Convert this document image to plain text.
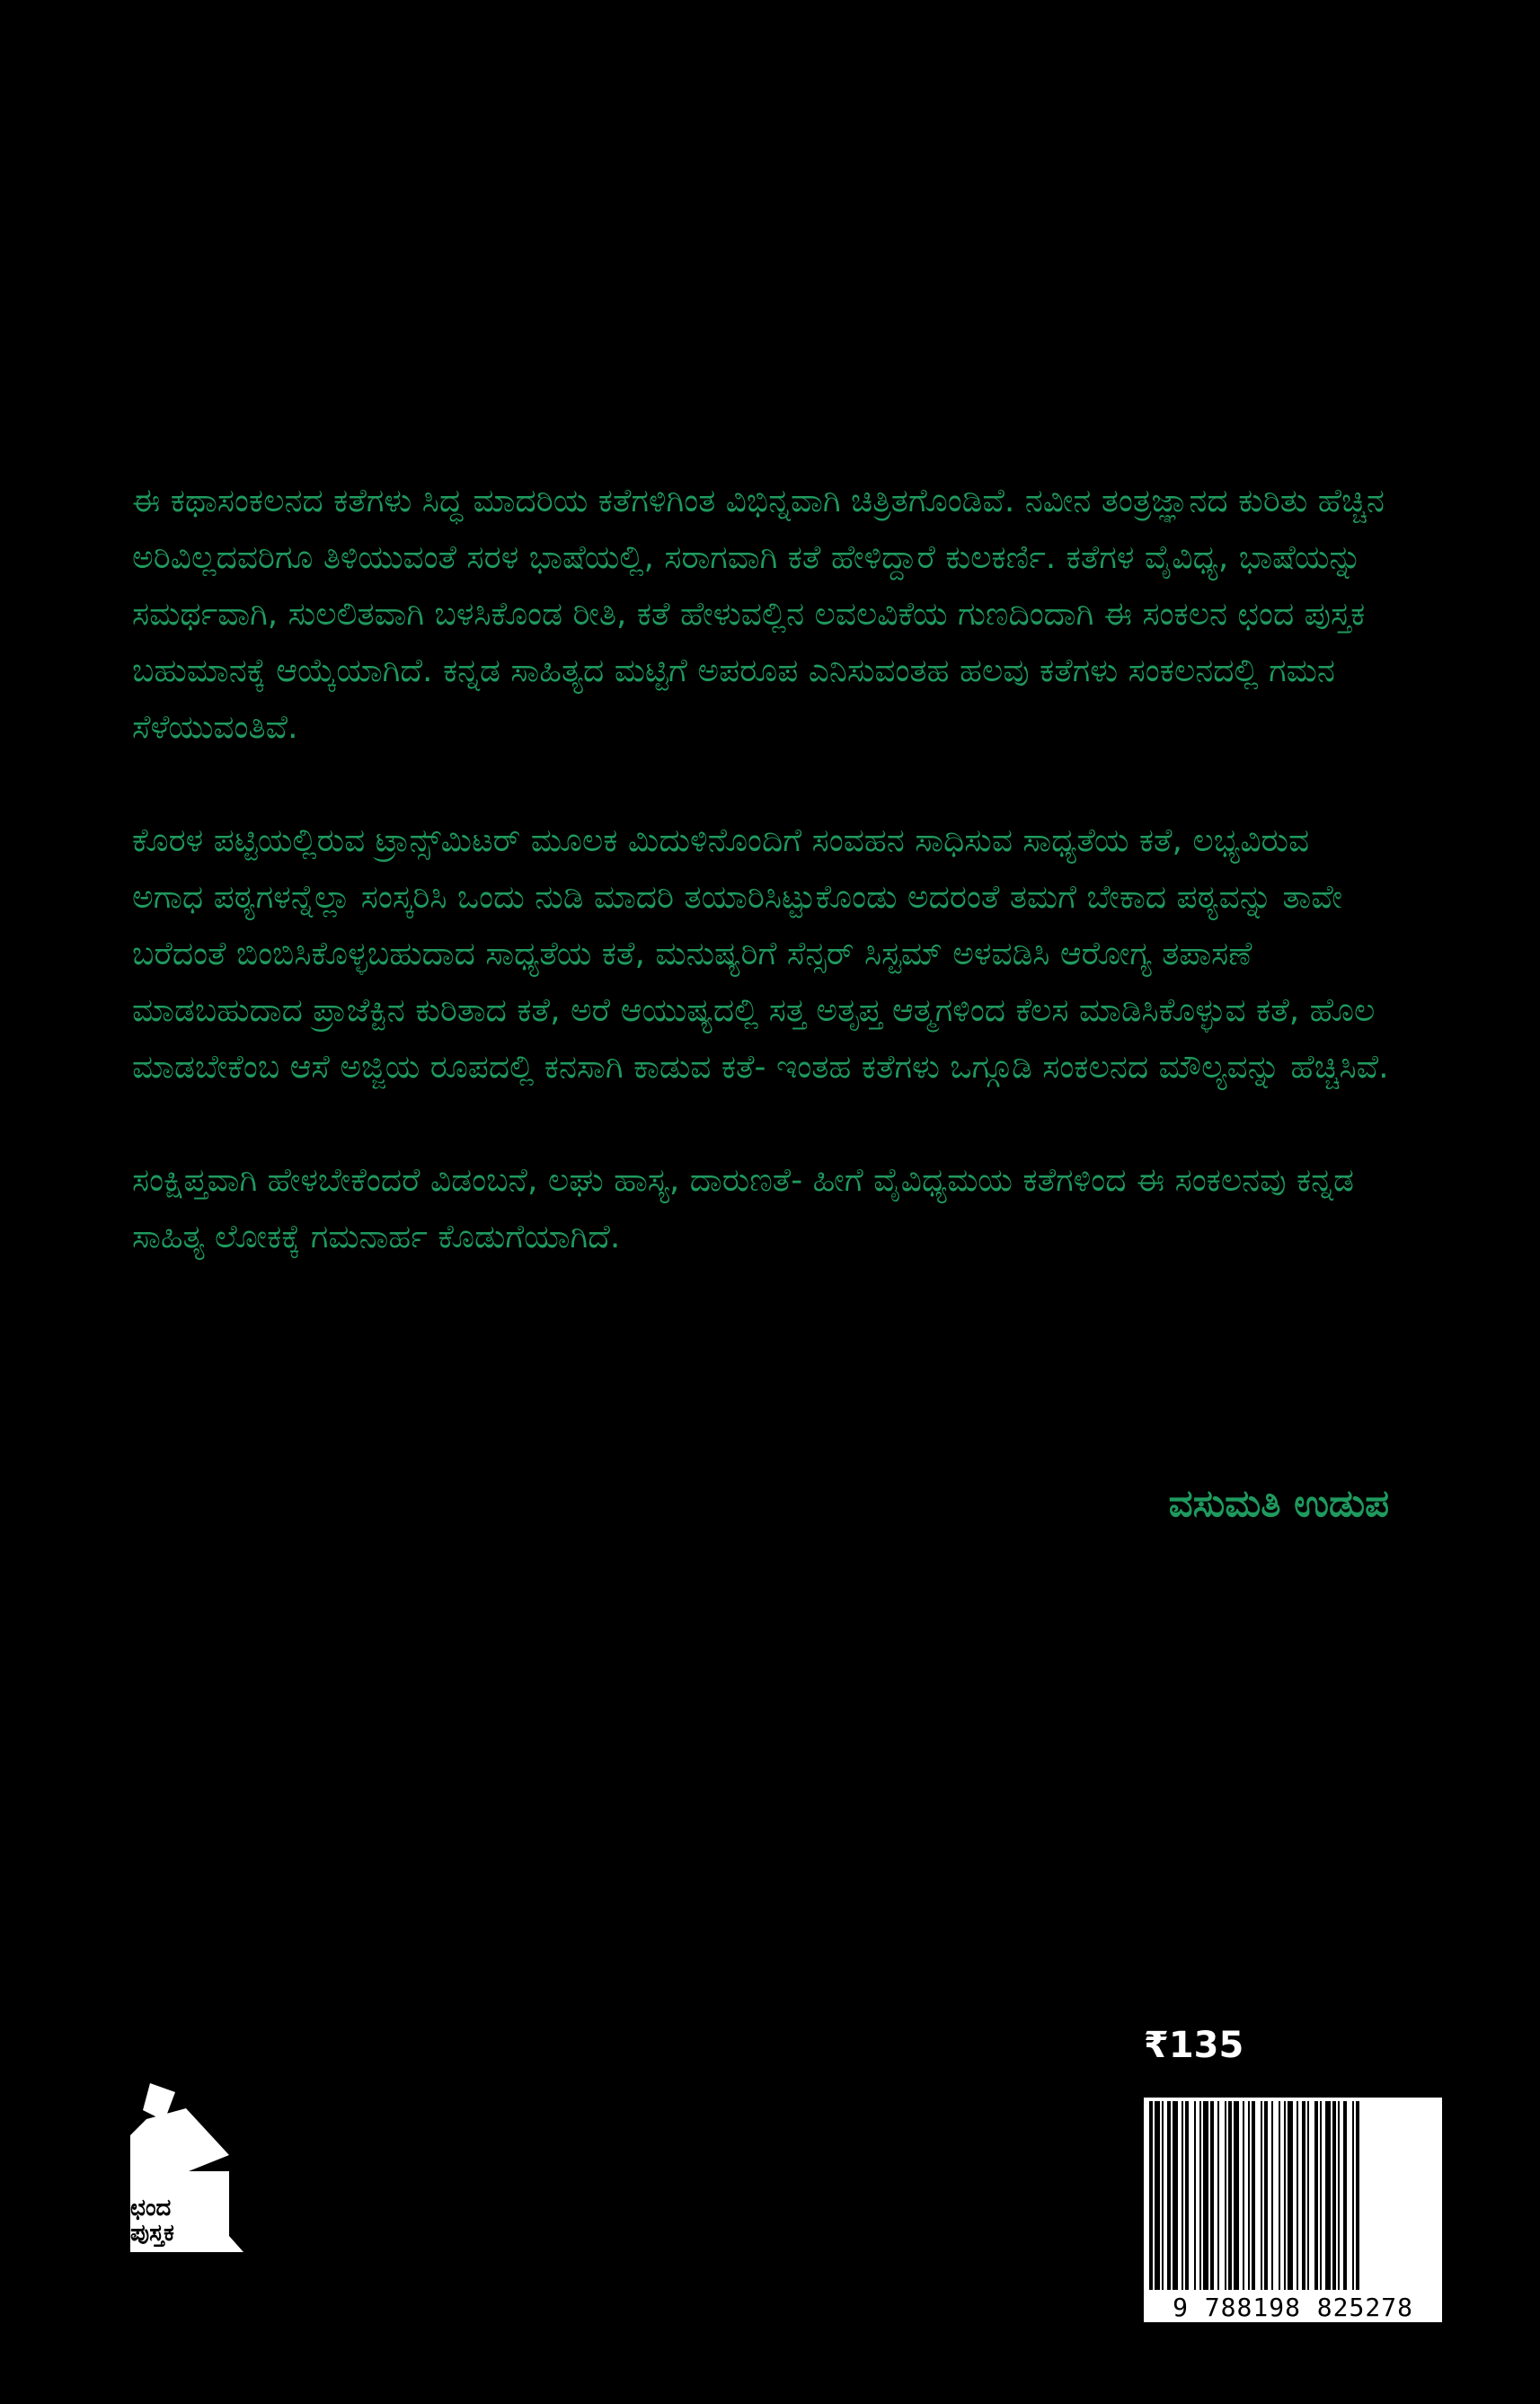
ಈ ಕಥಾಸಂಕಲನದ ಕತೆಗಳು ಸಿದ್ಧ ಮಾದರಿಯ ಕತೆಗಳಿಗಿಂತ ವಿಭಿನ್ನವಾಗಿ ಚಿತ್ರಿತಗೊಂಡಿವೆ. ನವೀನ ತಂತ್ರಜ್ಞಾನದ ಕುರಿತು ಹೆಚ್ಚಿನ ಅರಿವಿಲ್ಲದವರಿಗೂ ತಿಳಿಯುವಂತೆ ಸರಳ ಭಾಷೆಯಲ್ಲಿ, ಸರಾಗವಾಗಿ ಕತೆ ಹೇಳಿದ್ದಾರೆ ಕುಲಕರ್ಣಿ. ಕತೆಗಳ ವೈವಿಧ್ಯ, ಭಾಷೆಯನ್ನು ಸಮರ್ಥವಾಗಿ, ಸುಲಲಿತವಾಗಿ ಬಳಸಿಕೊಂಡ ರೀತಿ, ಕತೆ ಹೇಳುವಲ್ಲಿನ ಲವಲವಿಕೆಯ ಗುಣದಿಂದಾಗಿ ಈ ಸಂಕಲನ ಛಂದ ಪುಸ್ತಕ ಬಹುಮಾನಕ್ಕೆ ಆಯ್ಕೆಯಾಗಿದೆ. ಕನ್ನಡ ಸಾಹಿತ್ಯದ ಮಟ್ಟಿಗೆ ಅಪರೂಪ ಎನಿಸುವಂತಹ ಹಲವು ಕತೆಗಳು ಸಂಕಲನದಲ್ಲಿ ಗಮನ ಸೆಳೆಯುವಂತಿವೆ.

ಕೊರಳ ಪಟ್ಟಿಯಲ್ಲಿರುವ ಟ್ರಾನ್ಸ್‌ಮಿಟರ್ ಮೂಲಕ ಮಿದುಳಿನೊಂದಿಗೆ ಸಂವಹನ ಸಾಧಿಸುವ ಸಾಧ್ಯತೆಯ ಕತೆ, ಲಭ್ಯವಿರುವ ಅಗಾಧ ಪಠ್ಯಗಳನ್ನೆಲ್ಲಾ ಸಂಸ್ಕರಿಸಿ ಒಂದು ನುಡಿ ಮಾದರಿ ತಯಾರಿಸಿಟ್ಟುಕೊಂಡು ಅದರಂತೆ ತಮಗೆ ಬೇಕಾದ ಪಠ್ಯವನ್ನು ತಾವೇ ಬರೆದಂತೆ ಬಿಂಬಿಸಿಕೊಳ್ಳಬಹುದಾದ ಸಾಧ್ಯತೆಯ ಕತೆ, ಮನುಷ್ಯರಿಗೆ ಸೆನ್ಸರ್ ಸಿಸ್ಟಮ್ ಅಳವಡಿಸಿ ಆರೋಗ್ಯ ತಪಾಸಣೆ ಮಾಡಬಹುದಾದ ಪ್ರಾಜೆಕ್ಟಿನ ಕುರಿತಾದ ಕತೆ, ಅರೆ ಆಯುಷ್ಯದಲ್ಲಿ ಸತ್ತ ಅತೃಪ್ತ ಆತ್ಮಗಳಿಂದ ಕೆಲಸ ಮಾಡಿಸಿಕೊಳ್ಳುವ ಕತೆ, ಹೊಲ ಮಾಡಬೇಕೆಂಬ ಆಸೆ ಅಜ್ಜಿಯ ರೂಪದಲ್ಲಿ ಕನಸಾಗಿ ಕಾಡುವ ಕತೆ- ಇಂತಹ ಕತೆಗಳು ಒಗ್ಗೂಡಿ ಸಂಕಲನದ ಮೌಲ್ಯವನ್ನು ಹೆಚ್ಚಿಸಿವೆ.

ಸಂಕ್ಷಿಪ್ತವಾಗಿ ಹೇಳಬೇಕೆಂದರೆ ವಿಡಂಬನೆ, ಲಘು ಹಾಸ್ಯ, ದಾರುಣತೆ- ಹೀಗೆ ವೈವಿಧ್ಯಮಯ ಕತೆಗಳಿಂದ ಈ ಸಂಕಲನವು ಕನ್ನಡ ಸಾಹಿತ್ಯ ಲೋಕಕ್ಕೆ ಗಮನಾರ್ಹ ಕೊಡುಗೆಯಾಗಿದೆ.

ವಸುಮತಿ ಉಡುಪ
ಛಂದ
ಪುಸ್ತಕ
₹135
9 788198 825278
